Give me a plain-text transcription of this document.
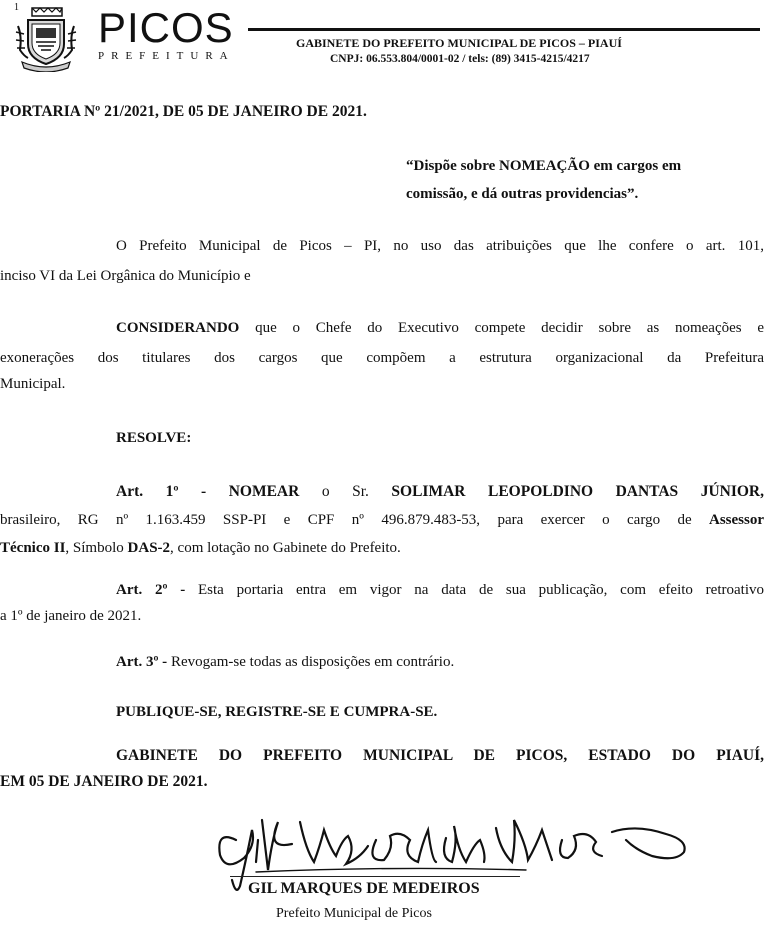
1 PICOS
PREFEITURA
GABINETE DO PREFEITO MUNICIPAL DE PICOS – PIAUÍ
CNPJ: 06.553.804/0001-02 / tels: (89) 3415-4215/4217
PORTARIA Nº 21/2021, DE 05 DE JANEIRO DE 2021.
“Dispõe sobre NOMEAÇÃO em cargos em
comissão, e dá outras providencias”.
O Prefeito Municipal de Picos – PI, no uso das atribuições que lhe confere o art. 101,
inciso VI da Lei Orgânica do Município e
CONSIDERANDO que o Chefe do Executivo compete decidir sobre as nomeações e
exonerações dos titulares dos cargos que compõem a estrutura organizacional da Prefeitura
Municipal.
RESOLVE:
Art. 1º - NOMEAR o Sr. SOLIMAR LEOPOLDINO DANTAS JÚNIOR,
brasileiro, RG nº 1.163.459 SSP-PI e CPF nº 496.879.483-53, para exercer o cargo de Assessor
Técnico II, Símbolo DAS-2, com lotação no Gabinete do Prefeito.
Art. 2º - Esta portaria entra em vigor na data de sua publicação, com efeito retroativo
a 1º de janeiro de 2021.
Art. 3º - Revogam-se todas as disposições em contrário.
PUBLIQUE-SE, REGISTRE-SE E CUMPRA-SE.
GABINETE DO PREFEITO MUNICIPAL DE PICOS, ESTADO DO PIAUÍ,
EM 05 DE JANEIRO DE 2021.
GIL MARQUES DE MEDEIROS
Prefeito Municipal de Picos
